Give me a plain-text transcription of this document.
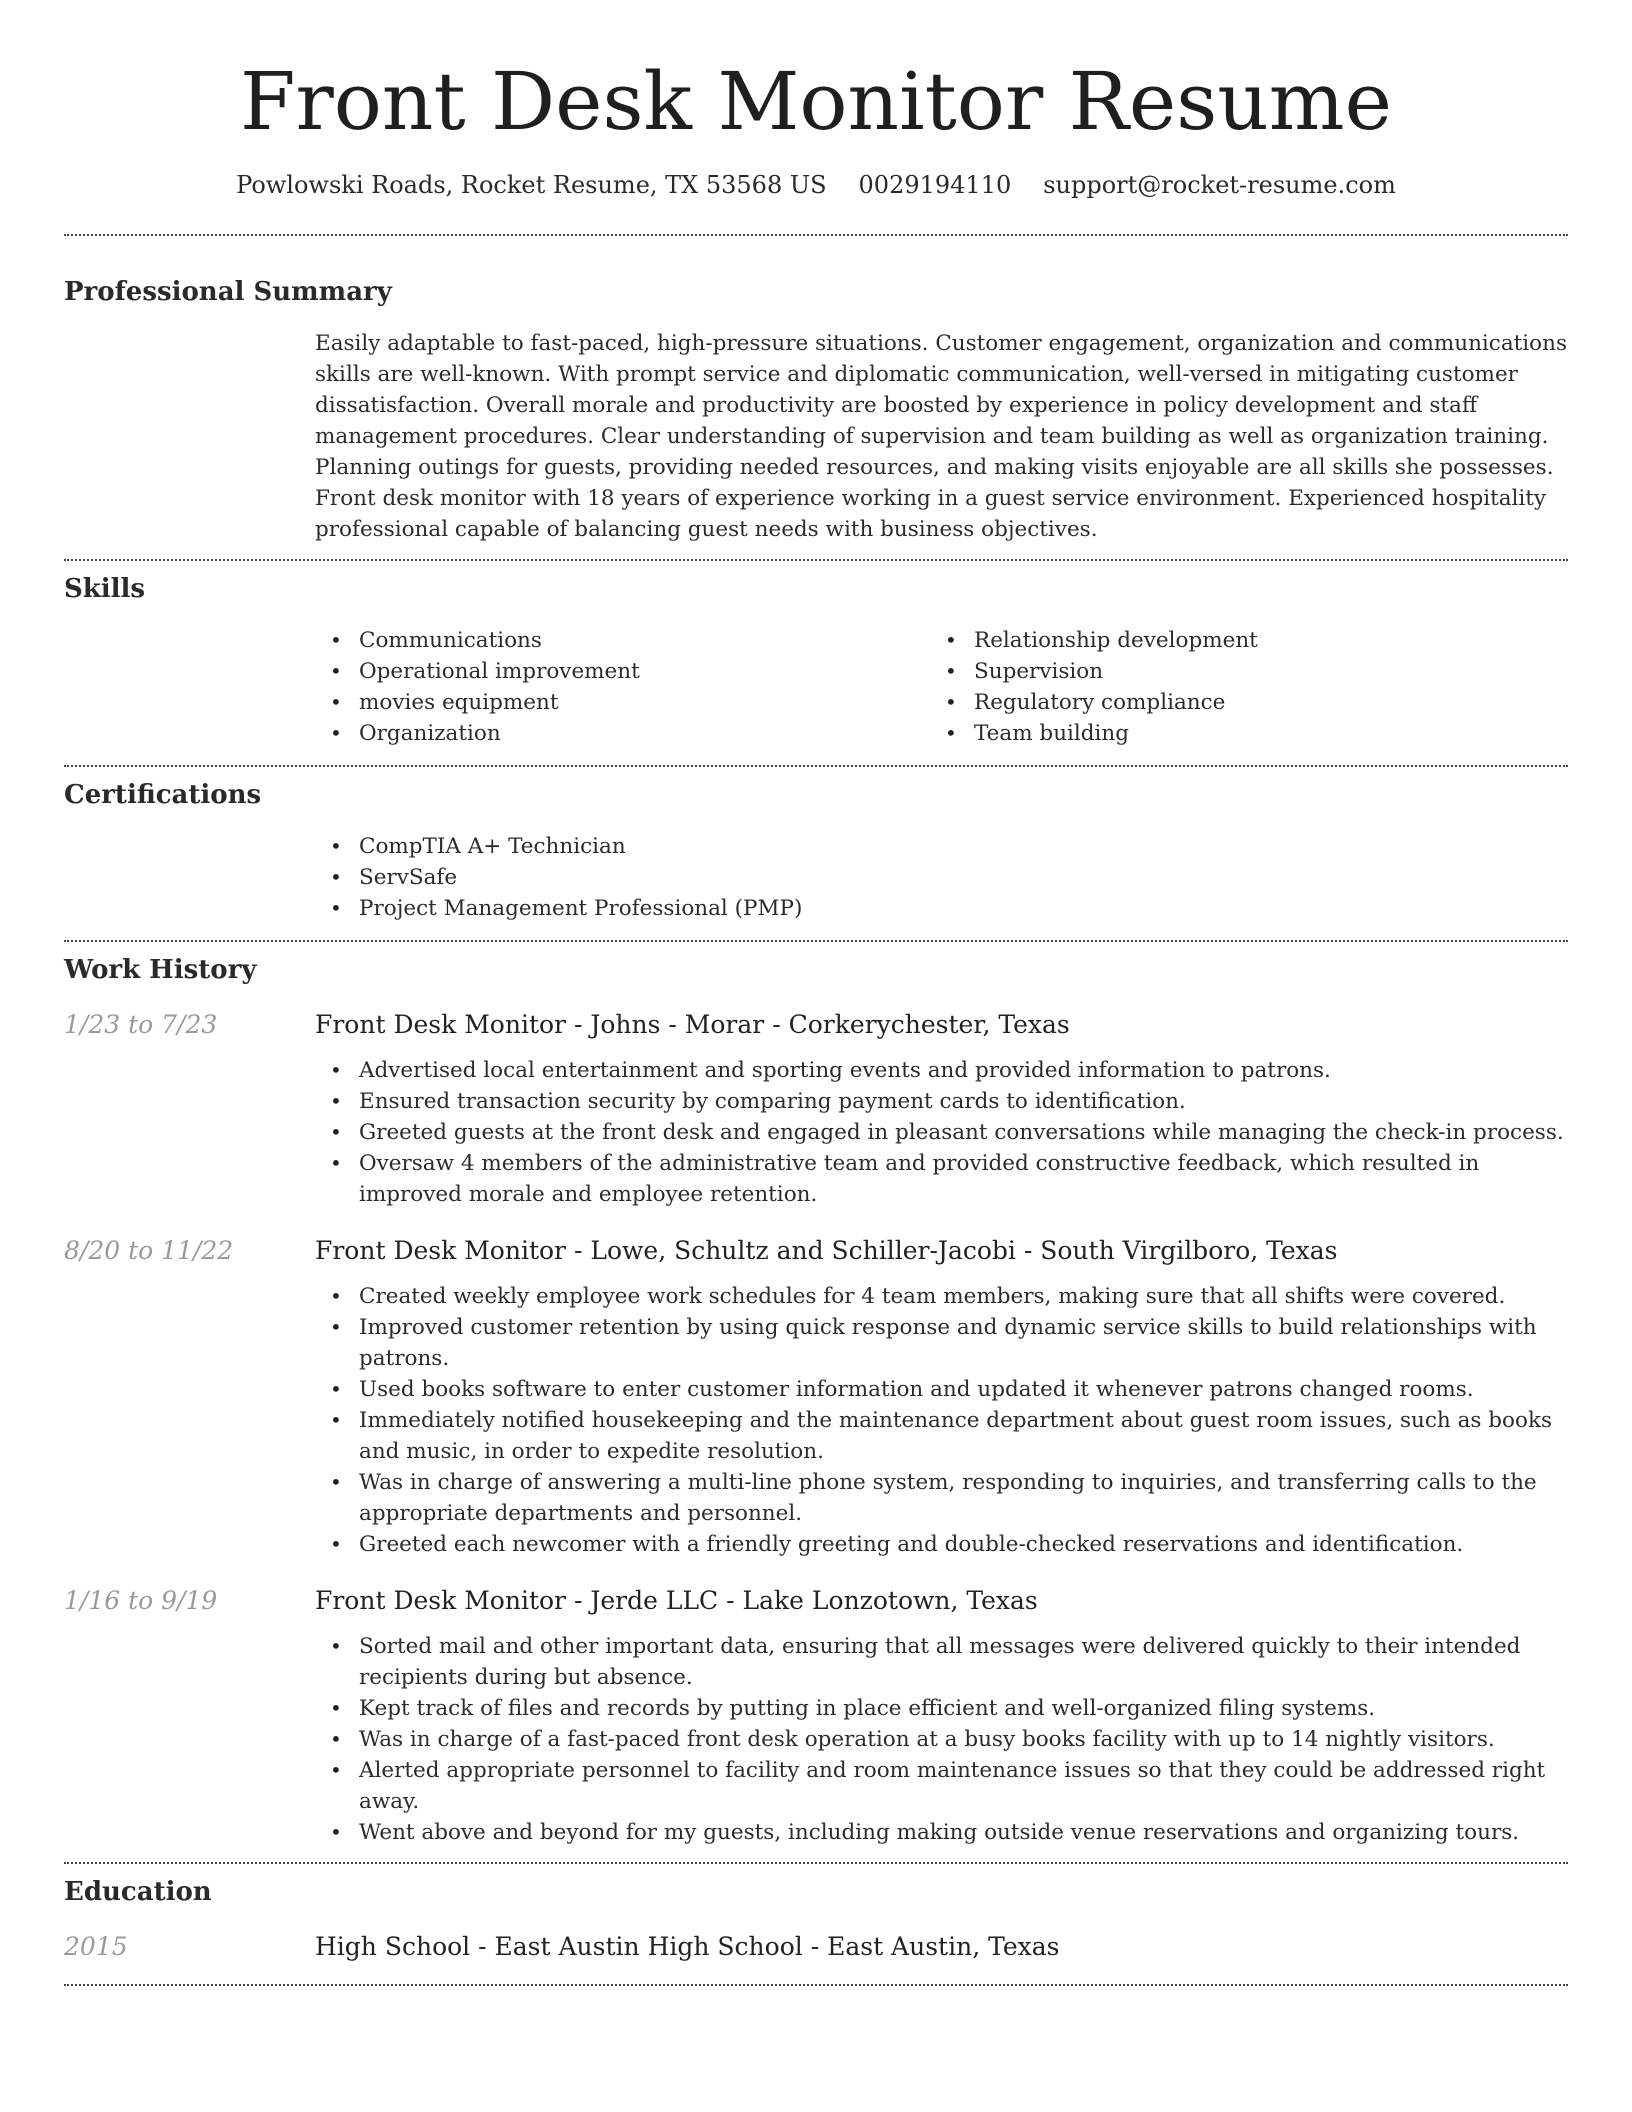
Front Desk Monitor Resume
Powlowski Roads, Rocket Resume, TX 53568 US 0029194110 support@rocket-resume.com
Professional Summary

Easily adaptable to fast-paced, high-pressure situations. Customer engagement, organization and communications skills are well-known. With prompt service and diplomatic communication, well-versed in mitigating customer dissatisfaction. Overall morale and productivity are boosted by experience in policy development and staff management procedures. Clear understanding of supervision and team building as well as organization training. Planning outings for guests, providing needed resources, and making visits enjoyable are all skills she possesses. Front desk monitor with 18 years of experience working in a guest service environment. Experienced hospitality professional capable of balancing guest needs with business objectives.

Skills
• Communications
• Operational improvement
• movies equipment
• Organization
• Relationship development
• Supervision
• Regulatory compliance
• Team building
Certifications
• CompTIA A+ Technician
• ServSafe
• Project Management Professional (PMP)
Work History
1/23 to 7/23	Front Desk Monitor - Johns - Morar - Corkerychester, Texas
• Advertised local entertainment and sporting events and provided information to patrons.
• Ensured transaction security by comparing payment cards to identification.
• Greeted guests at the front desk and engaged in pleasant conversations while managing the check-in process.
• Oversaw 4 members of the administrative team and provided constructive feedback, which resulted in improved morale and employee retention.
8/20 to 11/22	Front Desk Monitor - Lowe, Schultz and Schiller-Jacobi - South Virgilboro, Texas
• Created weekly employee work schedules for 4 team members, making sure that all shifts were covered.
• Improved customer retention by using quick response and dynamic service skills to build relationships with patrons.
• Used books software to enter customer information and updated it whenever patrons changed rooms.
• Immediately notified housekeeping and the maintenance department about guest room issues, such as books and music, in order to expedite resolution.
• Was in charge of answering a multi-line phone system, responding to inquiries, and transferring calls to the appropriate departments and personnel.
• Greeted each newcomer with a friendly greeting and double-checked reservations and identification.
1/16 to 9/19	Front Desk Monitor - Jerde LLC - Lake Lonzotown, Texas
• Sorted mail and other important data, ensuring that all messages were delivered quickly to their intended recipients during but absence.
• Kept track of files and records by putting in place efficient and well-organized filing systems.
• Was in charge of a fast-paced front desk operation at a busy books facility with up to 14 nightly visitors.
• Alerted appropriate personnel to facility and room maintenance issues so that they could be addressed right away.
• Went above and beyond for my guests, including making outside venue reservations and organizing tours.
Education
2015	High School - East Austin High School - East Austin, Texas
